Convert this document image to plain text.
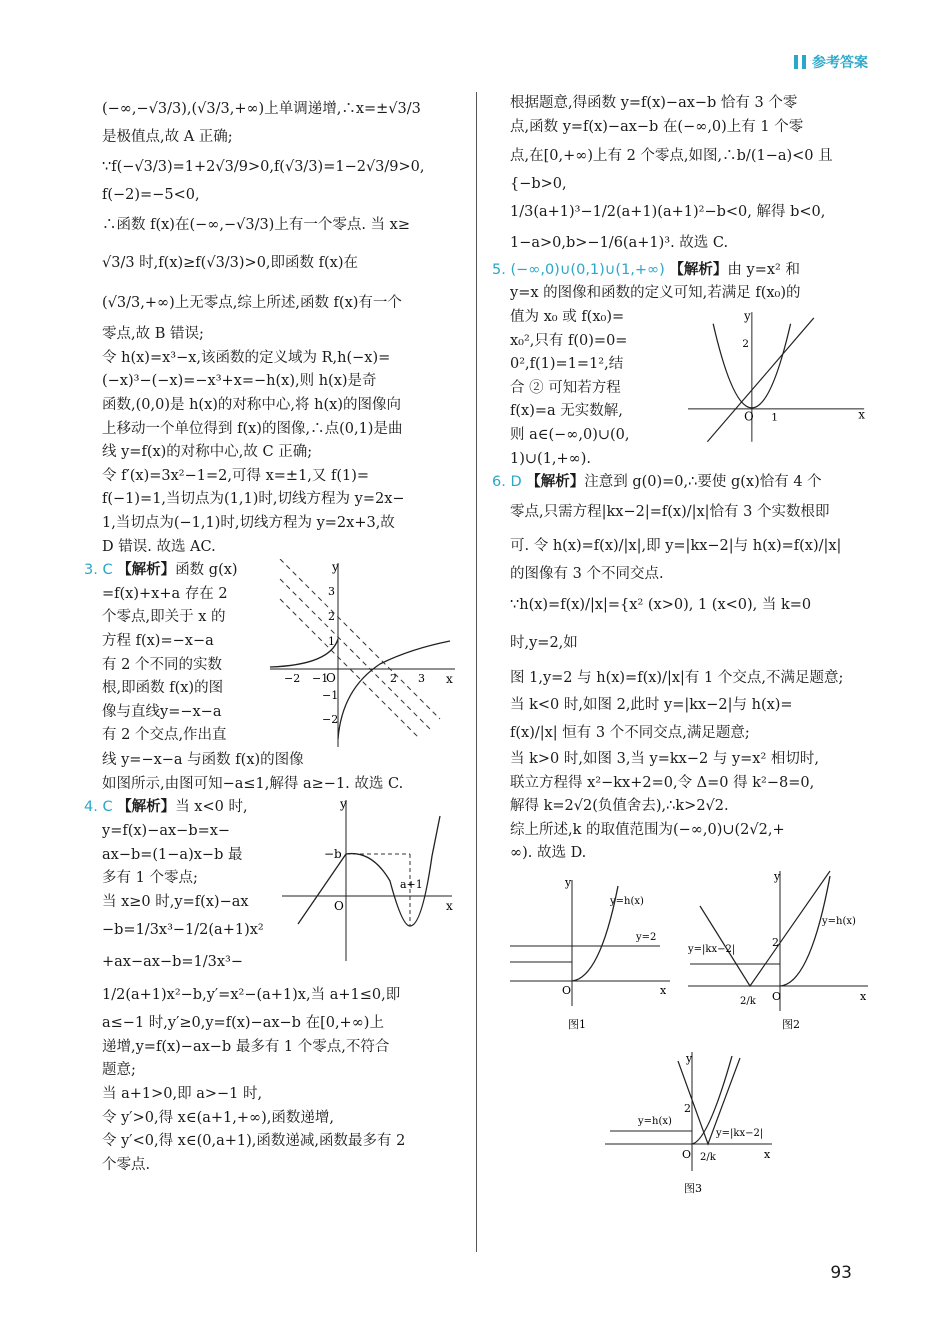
参考答案

(−∞,−√3/3),(√3/3,+∞)上单调递增,∴x=±√3/3

是极值点,故 A 正确;

∵f(−√3/3)=1+2√3/9>0,f(√3/3)=1−2√3/9>0,

f(−2)=−5<0,

∴函数 f(x)在(−∞,−√3/3)上有一个零点. 当 x≥

√3/3 时,f(x)≥f(√3/3)>0,即函数 f(x)在

(√3/3,+∞)上无零点,综上所述,函数 f(x)有一个

零点,故 B 错误;

令 h(x)=x³−x,该函数的定义域为 R,h(−x)=

(−x)³−(−x)=−x³+x=−h(x),则 h(x)是奇

函数,(0,0)是 h(x)的对称中心,将 h(x)的图像向

上移动一个单位得到 f(x)的图像,∴点(0,1)是曲

线 y=f(x)的对称中心,故 C 正确;

令 f′(x)=3x²−1=2,可得 x=±1,又 f(1)=

f(−1)=1,当切点为(1,1)时,切线方程为 y=2x−

1,当切点为(−1,1)时,切线方程为 y=2x+3,故

D 错误. 故选 AC.

3. C 【解析】函数 g(x)

=f(x)+x+a 存在 2

个零点,即关于 x 的

方程 f(x)=−x−a

有 2 个不同的实数

根,即函数 f(x)的图

像与直线y=−x−a

有 2 个交点,作出直

y
x
O
3
2
1
−1
−2
−2 −1	2 3

线 y=−x−a 与函数 f(x)的图像

如图所示,由图可知−a≤1,解得 a≥−1. 故选 C.

4. C 【解析】当 x<0 时,

y=f(x)−ax−b=x−

ax−b=(1−a)x−b 最

多有 1 个零点;

当 x≥0 时,y=f(x)−ax

−b=1/3x³−1/2(a+1)x²

+ax−ax−b=1/3x³−

y
x
O
−b
a+1

1/2(a+1)x²−b,y′=x²−(a+1)x,当 a+1≤0,即

a≤−1 时,y′≥0,y=f(x)−ax−b 在[0,+∞)上

递增,y=f(x)−ax−b 最多有 1 个零点,不符合

题意;

当 a+1>0,即 a>−1 时,

令 y′>0,得 x∈(a+1,+∞),函数递增,

令 y′<0,得 x∈(0,a+1),函数递减,函数最多有 2

个零点.

根据题意,得函数 y=f(x)−ax−b 恰有 3 个零

点,函数 y=f(x)−ax−b 在(−∞,0)上有 1 个零

点,在[0,+∞)上有 2 个零点,如图,∴b/(1−a)<0 且

{−b>0,

1/3(a+1)³−1/2(a+1)(a+1)²−b<0, 解得 b<0,

1−a>0,b>−1/6(a+1)³. 故选 C.

5. (−∞,0)∪(0,1)∪(1,+∞) 【解析】由 y=x² 和

y=x 的图像和函数的定义可知,若满足 f(x₀)的

值为 x₀ 或 f(x₀)=

x₀²,只有 f(0)=0=

0²,f(1)=1=1²,结

合 ② 可知若方程

f(x)=a 无实数解,

则 a∈(−∞,0)∪(0,

1)∪(1,+∞).

y
x
O 1
2

6. D 【解析】注意到 g(0)=0,∴要使 g(x)恰有 4 个

零点,只需方程|kx−2|=f(x)/|x|恰有 3 个实数根即

可. 令 h(x)=f(x)/|x|,即 y=|kx−2|与 h(x)=f(x)/|x|

的图像有 3 个不同交点.

∵h(x)=f(x)/|x|={x² (x>0), 1 (x<0), 当 k=0 时,y=2,如

图 1,y=2 与 h(x)=f(x)/|x|有 1 个交点,不满足题意;

当 k<0 时,如图 2,此时 y=|kx−2|与 h(x)=

f(x)/|x| 恒有 3 个不同交点,满足题意;

当 k>0 时,如图 3,当 y=kx−2 与 y=x² 相切时,

联立方程得 x²−kx+2=0,令 Δ=0 得 k²−8=0,

解得 k=2√2(负值舍去),∴k>2√2.

综上所述,k 的取值范围为(−∞,0)∪(2√2,+

∞). 故选 D.

y
x
O
y=h(x)
y=2
图1
y
x
O
2
2/k
y=|kx−2|
y=h(x)
图2
y
x
O
2
2/k
y=h(x)
y=|kx−2|
图3
93
